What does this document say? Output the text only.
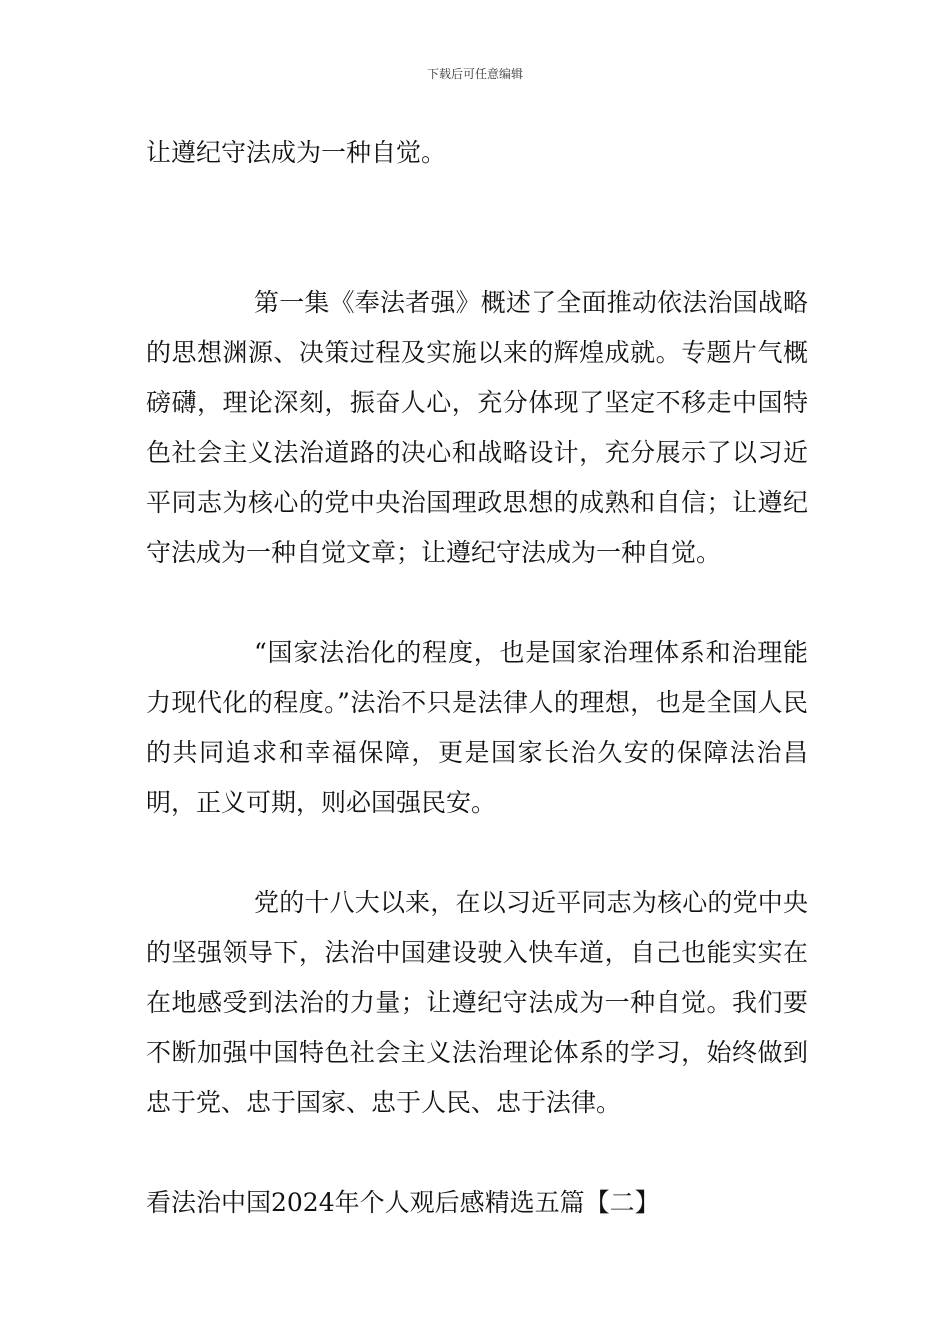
下载后可任意编辑

让遵纪守法成为一种自觉。

第一集《奉法者强》概述了全面推动依法治国战略的思想渊源、决策过程及实施以来的辉煌成就。专题片气概磅礴，理论深刻，振奋人心，充分体现了坚定不移走中国特色社会主义法治道路的决心和战略设计，充分展示了以习近平同志为核心的党中央治国理政思想的成熟和自信；让遵纪守法成为一种自觉文章；让遵纪守法成为一种自觉。

“国家法治化的程度，也是国家治理体系和治理能力现代化的程度。”法治不只是法律人的理想，也是全国人民的共同追求和幸福保障，更是国家长治久安的保障法治昌明，正义可期，则必国强民安。

党的十八大以来，在以习近平同志为核心的党中央的坚强领导下，法治中国建设驶入快车道，自己也能实实在在地感受到法治的力量；让遵纪守法成为一种自觉。我们要不断加强中国特色社会主义法治理论体系的学习，始终做到忠于党、忠于国家、忠于人民、忠于法律。

看法治中国2024年个人观后感精选五篇【二】
